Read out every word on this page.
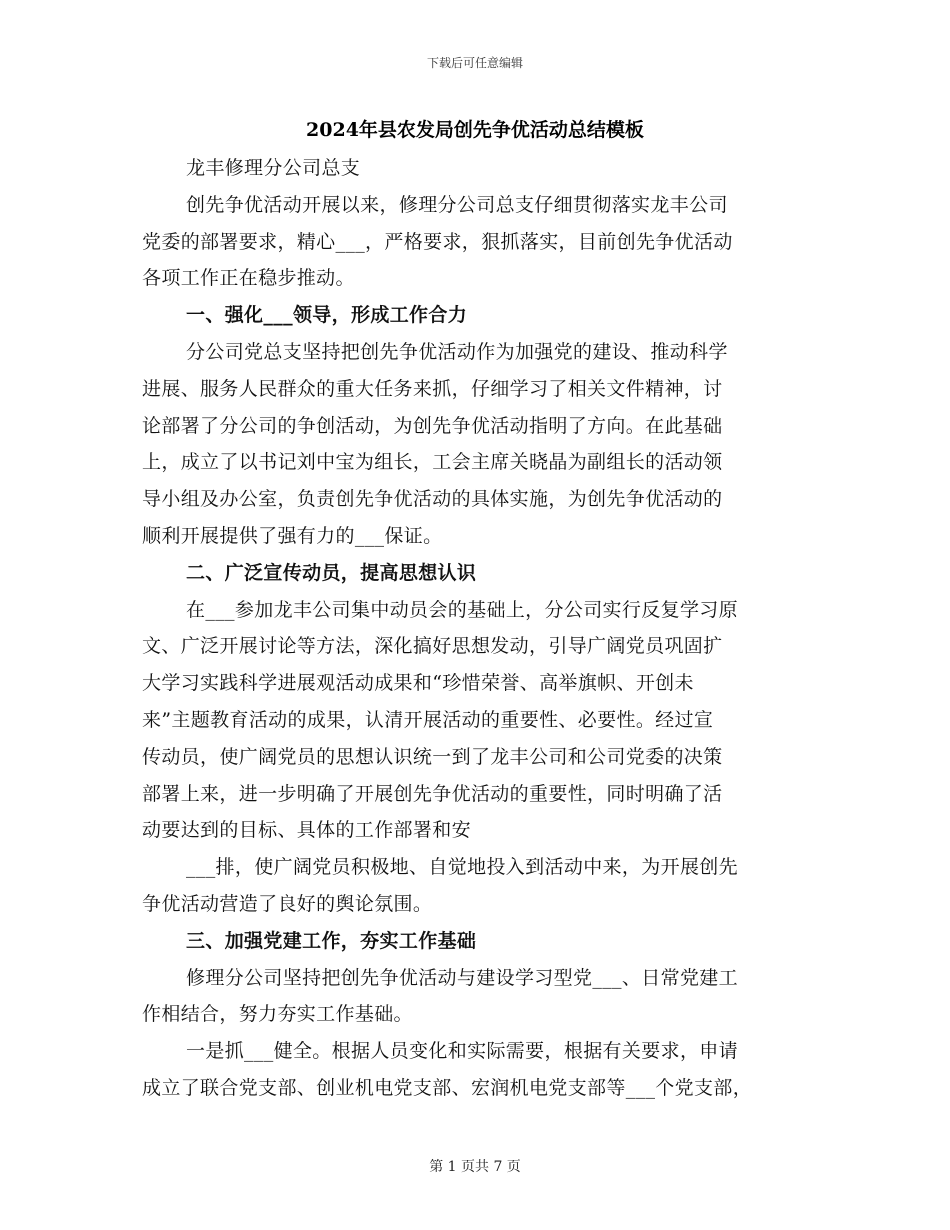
下载后可任意编辑
2024年县农发局创先争优活动总结模板
龙丰修理分公司总支
创先争优活动开展以来，修理分公司总支仔细贯彻落实龙丰公司
党委的部署要求，精心___，严格要求，狠抓落实，目前创先争优活动
各项工作正在稳步推动。
一、强化___领导，形成工作合力
分公司党总支坚持把创先争优活动作为加强党的建设、推动科学
进展、服务人民群众的重大任务来抓，仔细学习了相关文件精神，讨
论部署了分公司的争创活动，为创先争优活动指明了方向。在此基础
上，成立了以书记刘中宝为组长，工会主席关晓晶为副组长的活动领
导小组及办公室，负责创先争优活动的具体实施，为创先争优活动的
顺利开展提供了强有力的___保证。
二、广泛宣传动员，提高思想认识
在___参加龙丰公司集中动员会的基础上，分公司实行反复学习原
文、广泛开展讨论等方法，深化搞好思想发动，引导广阔党员巩固扩
大学习实践科学进展观活动成果和“珍惜荣誉、高举旗帜、开创未
来”主题教育活动的成果，认清开展活动的重要性、必要性。经过宣
传动员，使广阔党员的思想认识统一到了龙丰公司和公司党委的决策
部署上来，进一步明确了开展创先争优活动的重要性，同时明确了活
动要达到的目标、具体的工作部署和安
___排，使广阔党员积极地、自觉地投入到活动中来，为开展创先
争优活动营造了良好的舆论氛围。
三、加强党建工作，夯实工作基础
修理分公司坚持把创先争优活动与建设学习型党___、日常党建工
作相结合，努力夯实工作基础。
一是抓___健全。根据人员变化和实际需要，根据有关要求，申请
成立了联合党支部、创业机电党支部、宏润机电党支部等___个党支部，
第 1 页共 7 页
